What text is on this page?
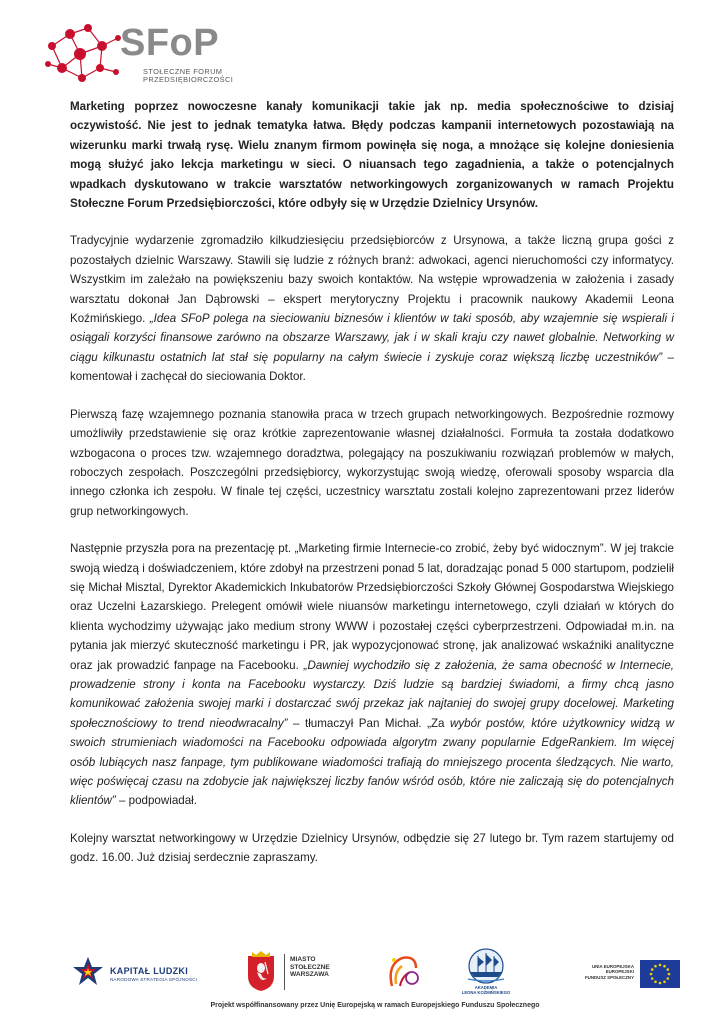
SFoP
STOŁECZNE FORUM
PRZEDSIĘBIORCZOŚCI

Marketing poprzez nowoczesne kanały komunikacji takie jak np. media społecznościwe to dzisiaj oczywistość. Nie jest to jednak tematyka łatwa. Błędy podczas kampanii internetowych pozostawiają na wizerunku marki trwałą rysę. Wielu znanym firmom powinęła się noga, a mnożące się kolejne doniesienia mogą służyć jako lekcja marketingu w sieci. O niuansach tego zagadnienia, a także o potencjalnych wpadkach dyskutowano w trakcie warsztatów networkingowych zorganizowanych w ramach Projektu Stołeczne Forum Przedsiębiorczości, które odbyły się w Urzędzie Dzielnicy Ursynów.

Tradycyjnie wydarzenie zgromadziło kilkudziesięciu przedsiębiorców z Ursynowa, a także liczną grupa gości z pozostałych dzielnic Warszawy. Stawili się ludzie z różnych branż: adwokaci, agenci nieruchomości czy informatycy. Wszystkim im zależało na powiększeniu bazy swoich kontaktów. Na wstępie wprowadzenia w założenia i zasady warsztatu dokonał Jan Dąbrowski – ekspert merytoryczny Projektu i pracownik naukowy Akademii Leona Koźmińskiego. „Idea SFoP polega na sieciowaniu biznesów i klientów w taki sposób, aby wzajemnie się wspierali i osiągali korzyści finansowe zarówno na obszarze Warszawy, jak i w skali kraju czy nawet globalnie. Networking w ciągu kilkunastu ostatnich lat stał się popularny na całym świecie i zyskuje coraz większą liczbę uczestników” – komentował i zachęcał do sieciowania Doktor.

Pierwszą fazę wzajemnego poznania stanowiła praca w trzech grupach networkingowych. Bezpośrednie rozmowy umożliwiły przedstawienie się oraz krótkie zaprezentowanie własnej działalności. Formuła ta została dodatkowo wzbogacona o proces tzw. wzajemnego doradztwa, polegający na poszukiwaniu rozwiązań problemów w małych, roboczych zespołach. Poszczególni przedsiębiorcy, wykorzystując swoją wiedzę, oferowali sposoby wsparcia dla innego członka ich zespołu. W finale tej części, uczestnicy warsztatu zostali kolejno zaprezentowani przez liderów grup networkingowych.

Następnie przyszła pora na prezentację pt. „Marketing firmie Internecie-co zrobić, żeby być widocznym”. W jej trakcie swoją wiedzą i doświadczeniem, które zdobył na przestrzeni ponad 5 lat, doradzając ponad 5 000 startupom, podzielił się Michał Misztal, Dyrektor Akademickich Inkubatorów Przedsiębiorczości Szkoły Głównej Gospodarstwa Wiejskiego oraz Uczelni Łazarskiego. Prelegent omówił wiele niuansów marketingu internetowego, czyli działań w których do klienta wychodzimy używając jako medium strony WWW i pozostałej części cyberprzestrzeni. Odpowiadał m.in. na pytania jak mierzyć skuteczność marketingu i PR, jak wypozycjonować stronę, jak analizować wskaźniki analityczne oraz jak prowadzić fanpage na Facebooku. „Dawniej wychodziło się z założenia, że sama obecność w Internecie, prowadzenie strony i konta na Facebooku wystarczy. Dziś ludzie są bardziej świadomi, a firmy chcą jasno komunikować założenia swojej marki i dostarczać swój przekaz jak najtaniej do swojej grupy docelowej. Marketing społecznościowy to trend nieodwracalny” – tłumaczył Pan Michał. „Za wybór postów, które użytkownicy widzą w swoich strumieniach wiadomości na Facebooku odpowiada algorytm zwany popularnie EdgeRankiem. Im więcej osób lubiących nasz fanpage, tym publikowane wiadomości trafiają do mniejszego procenta śledzących. Nie warto, więc poświęcaj czasu na zdobycie jak największej liczby fanów wśród osób, które nie zaliczają się do potencjalnych klientów” – podpowiadał.

Kolejny warsztat networkingowy w Urzędzie Dzielnicy Ursynów, odbędzie się 27 lutego br. Tym razem startujemy od godz. 16.00. Już dzisiaj serdecznie zapraszamy.

KAPITAŁ LUDZKI
NARODOWA STRATEGIA SPÓJNOŚCI
MIASTO
STOŁECZNE
WARSZAWA
AKADEMIA
LEONA KOŹMIŃSKIEGO
UNIA EUROPEJSKA
EUROPEJSKI
FUNDUSZ SPOŁECZNY
Projekt współfinansowany przez Unię Europejską w ramach Europejskiego Funduszu Społecznego
